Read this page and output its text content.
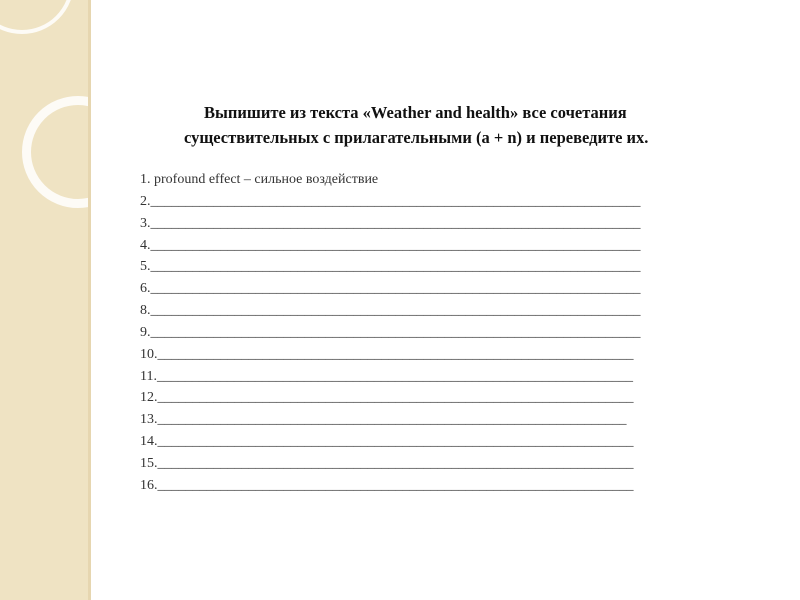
Выпишите из текста «Weather and health» все сочетания
существительных с прилагательными (a + n) и переведите их.

1. profound effect – сильное воздействие
2.______________________________________________________________________
3.______________________________________________________________________
4.______________________________________________________________________
5.______________________________________________________________________
6.______________________________________________________________________
8.______________________________________________________________________
9.______________________________________________________________________
10.____________________________________________________________________
11.____________________________________________________________________
12.____________________________________________________________________
13.___________________________________________________________________
14.____________________________________________________________________
15.____________________________________________________________________
16.____________________________________________________________________
